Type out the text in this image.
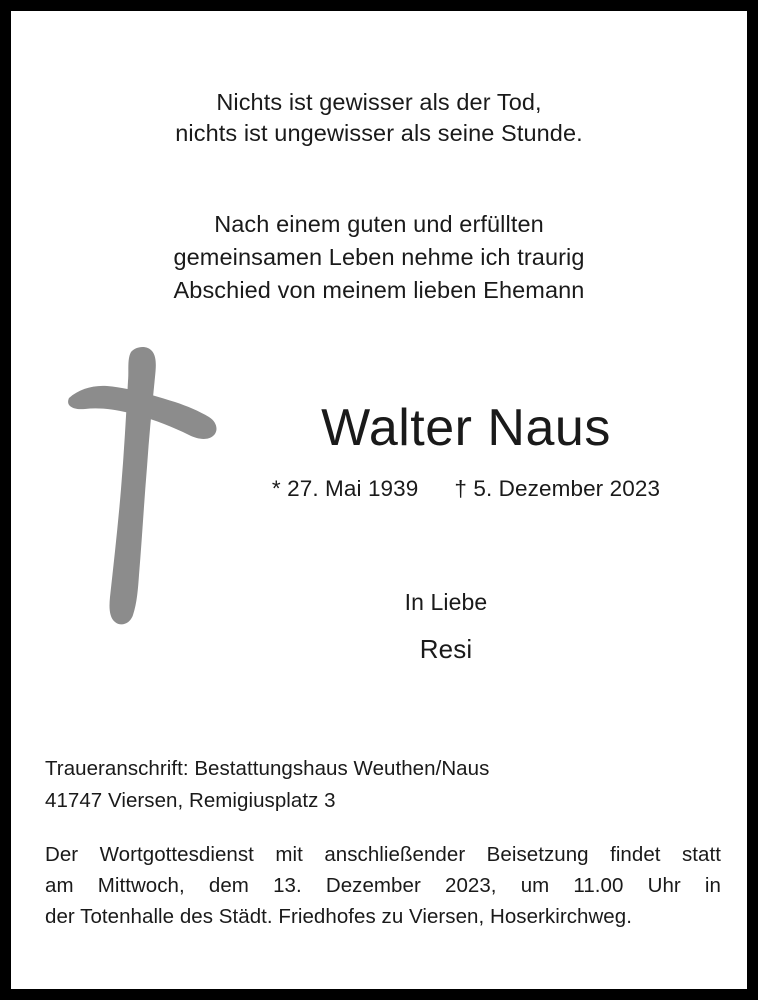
Nichts ist gewisser als der Tod,
nichts ist ungewisser als seine Stunde.
Nach einem guten und erfüllten
gemeinsamen Leben nehme ich traurig
Abschied von meinem lieben Ehemann
Walter Naus
* 27. Mai 1939 † 5. Dezember 2023
In Liebe
Resi
Traueranschrift: Bestattungshaus Weuthen/Naus
41747 Viersen, Remigiusplatz 3
Der Wortgottesdienst mit anschließender Beisetzung findet statt
am Mittwoch, dem 13. Dezember 2023, um 11.00 Uhr in
der Totenhalle des Städt. Friedhofes zu Viersen, Hoserkirchweg.
